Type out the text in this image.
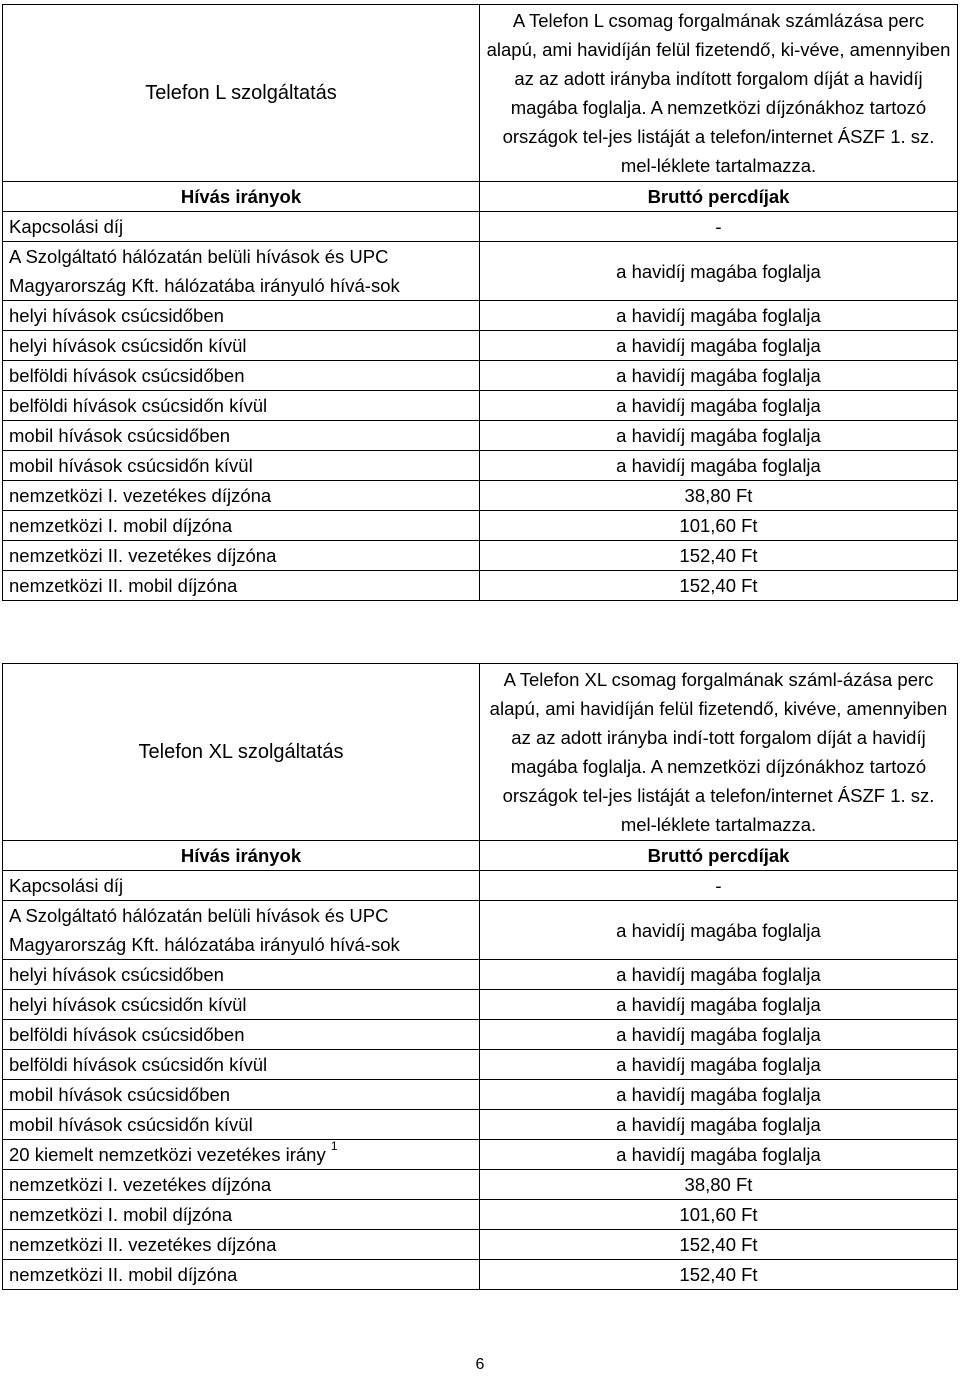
Telefon L szolgáltatás	A Telefon L csomag forgalmának számlázása perc alapú, ami havidíján felül fizetendő, ki-véve, amennyiben az az adott irányba indított forgalom díját a havidíj magába foglalja. A nemzetközi díjzónákhoz tartozó országok tel-jes listáját a telefon/internet ÁSZF 1. sz. mel-léklete tartalmazza.
Hívás irányok	Bruttó percdíjak
Kapcsolási díj	-
A Szolgáltató hálózatán belüli hívások és UPC Magyarország Kft. hálózatába irányuló hívá-sok	a havidíj magába foglalja
helyi hívások csúcsidőben	a havidíj magába foglalja
helyi hívások csúcsidőn kívül	a havidíj magába foglalja
belföldi hívások csúcsidőben	a havidíj magába foglalja
belföldi hívások csúcsidőn kívül	a havidíj magába foglalja
mobil hívások csúcsidőben	a havidíj magába foglalja
mobil hívások csúcsidőn kívül	a havidíj magába foglalja
nemzetközi I. vezetékes díjzóna	38,80 Ft
nemzetközi I. mobil díjzóna	101,60 Ft
nemzetközi II. vezetékes díjzóna	152,40 Ft
nemzetközi II. mobil díjzóna	152,40 Ft
Telefon XL szolgáltatás	A Telefon XL csomag forgalmának száml-ázása perc alapú, ami havidíján felül fizetendő, kivéve, amennyiben az az adott irányba indí-tott forgalom díját a havidíj magába foglalja. A nemzetközi díjzónákhoz tartozó országok tel-jes listáját a telefon/internet ÁSZF 1. sz. mel-léklete tartalmazza.
Hívás irányok	Bruttó percdíjak
Kapcsolási díj	-
A Szolgáltató hálózatán belüli hívások és UPC Magyarország Kft. hálózatába irányuló hívá-sok	a havidíj magába foglalja
helyi hívások csúcsidőben	a havidíj magába foglalja
helyi hívások csúcsidőn kívül	a havidíj magába foglalja
belföldi hívások csúcsidőben	a havidíj magába foglalja
belföldi hívások csúcsidőn kívül	a havidíj magába foglalja
mobil hívások csúcsidőben	a havidíj magába foglalja
mobil hívások csúcsidőn kívül	a havidíj magába foglalja
20 kiemelt nemzetközi vezetékes irány $^1$	a havidíj magába foglalja
nemzetközi I. vezetékes díjzóna	38,80 Ft
nemzetközi I. mobil díjzóna	101,60 Ft
nemzetközi II. vezetékes díjzóna	152,40 Ft
nemzetközi II. mobil díjzóna	152,40 Ft
6
